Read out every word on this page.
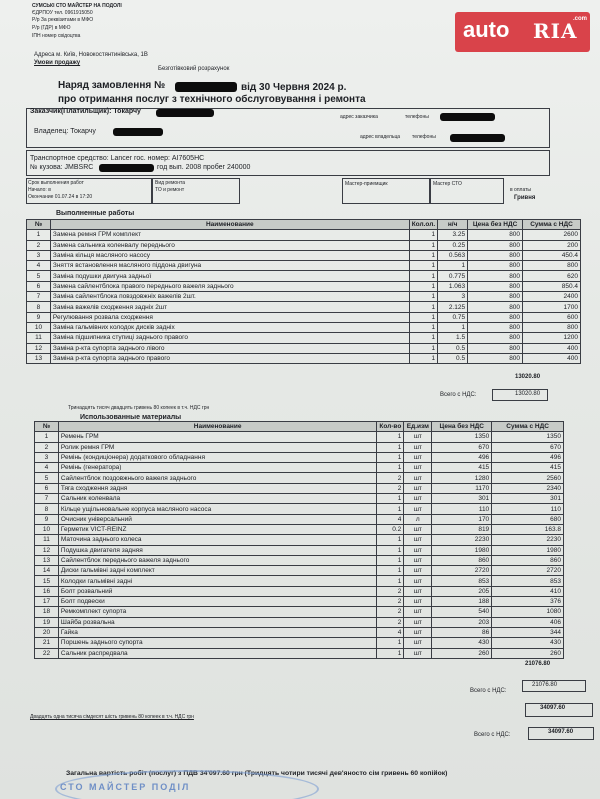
СУМСЬКІ СТО МАЙСТЕР НА ПОДОЛІ
ЄДРПОУ тел. 0961915050
Р/р За реквізитами в МФО
Р/р (ГДР) в МФО
ІПН номер свідоцтва
Адреса м. Київ, Новокостянтинівська, 1В
Умови продажу
Безготівковий розрахунок
auto RIA
.com
Наряд замовлення №	від 30 Червня 2024 р.
про отримання послуг з технічного обслуговування і ремонта
Заказчик(Платильщик): Токарчу
адрес заказчика	телефоны
Владелец: Токарчу
адрес владельца телефоны
Транспортное средство: Lancer гос. номер: AI7605HC
№ кузова: JMBSRC	год вып. 2008 пробег 240000
Срок выполнения работ
Начало: в
Окончание 01.07.24 в 17:20
Вид ремонта
ТО и ремонт
Мастер-приемщик	Мастер СТО
в оплаты
Гривня
Выполненные работы
№	Наименование	Кол.ол.	н/ч	Цена без НДС	Сумма с НДС
1	Замена ремня ГРМ комплект	1	3.25	800	2600
2	Замена сальника коленвалу переднього	1	0.25	800	200
3	Заміна кільця масляного насосу	1	0.563	800	450.4
4	Зняття встановлення масляного піддона двигуна	1	1	800	800
5	Заміна подушки двигуна задньої	1	0.775	800	620
6	Замена сайлентблока правого переднього важеля заднього	1	1.063	800	850.4
7	Заміна сайлентблока повздовжніх важелів 2шт.	1	3	800	2400
8	Заміна важелів сходження задніх 2шт	1	2.125	800	1700
9	Регулювання розвала сходження	1	0.75	800	600
10	Заміна гальмівних колодок дисків задніх	1	1	800	800
11	Заміна підшипника ступиці заднього правого	1	1.5	800	1200
12	Заміна р-кта супорта заднього лівого	1	0.5	800	400
13	Заміна р-кта супорта заднього правого	1	0.5	800	400
13020.80
Всего с НДС:	13020.80
Тринадцять тисяч двадцять гривень 80 копеек в т.ч. НДС грн
Использованные материалы
№	Наименование	Кол-во	Ед.изм	Цена без НДС	Сумма с НДС
1	Ремень ГРМ	1	шт	1350	1350
2	Ролик ремня ГРМ	1	шт	670	670
3	Ремінь (кондиціонера) додаткового обладнання	1	шт	496	496
4	Ремінь (генератора)	1	шт	415	415
5	Сайлентблок поздовжнього важеля заднього	2	шт	1280	2560
6	Тяга сходження задня	2	шт	1170	2340
7	Сальник коленвала	1	шт	301	301
8	Кільце ущільнювальне корпуса масляного насоса	1	шт	110	110
9	Очисник універсальний	4	л	170	680
10	Герметик VICT-REINZ	0.2	шт	819	163.8
11	Маточина заднього колеса	1	шт	2230	2230
12	Подушка двигателя задняя	1	шт	1980	1980
13	Сайлентблок переднього важеля заднього	1	шт	860	860
14	Диски гальмівні задні комплект	1	шт	2720	2720
15	Колодки гальмівні задні	1	шт	853	853
16	Болт розвальний	2	шт	205	410
17	Болт подвески	2	шт	188	376
18	Ремкомплект супорта	2	шт	540	1080
19	Шайба розвальна	2	шт	203	406
20	Гайка	4	шт	86	344
21	Поршень заднього супорта	1	шт	430	430
22	Сальник распредвала	1	шт	260	260
21076.80
Всего с НДС:
21076.80
Двадцять одна тисяча сімдесят шість гривень 80 копеек в т.ч. НДС грн
34097.60
Всего с НДС:	34097.60
Загальна вартість робіт (послуг) з ПДВ 34'097.60 грн (Тридцять чотири тисячі дев'яносто сім гривень 60 копійок)
СТО МАЙСТЕР ПОДІЛ
